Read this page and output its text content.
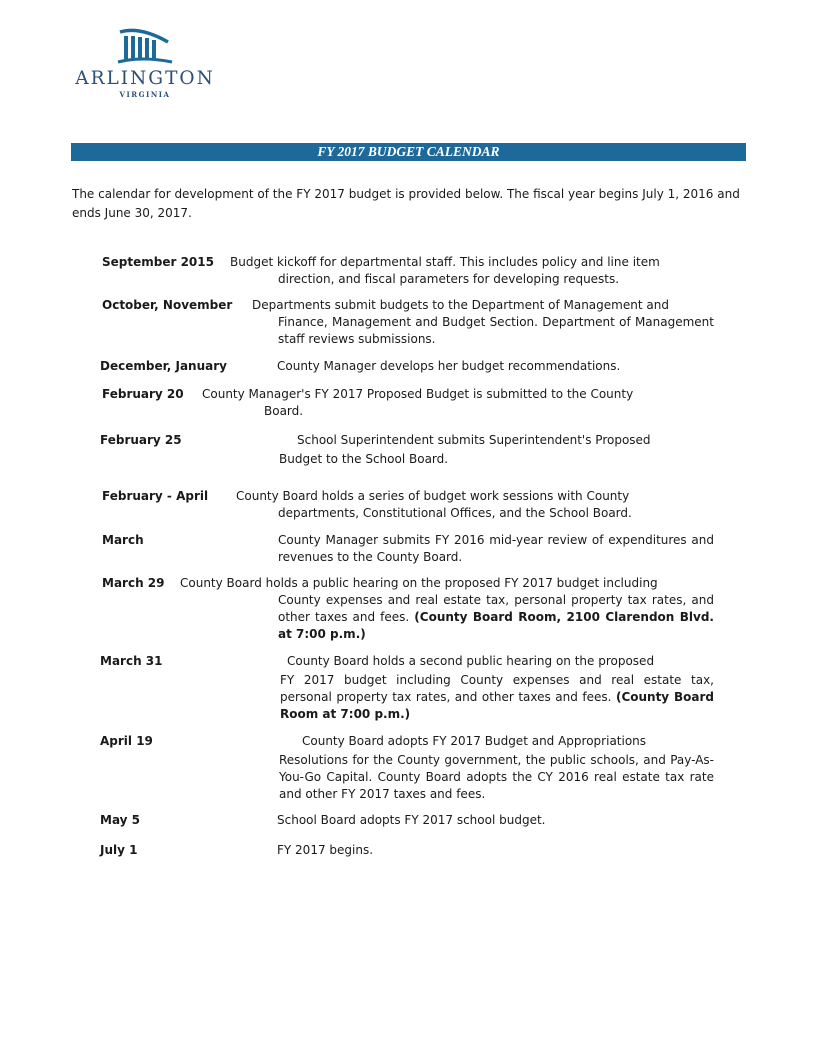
ARLINGTON
VIRGINIA
FY 2017 BUDGET CALENDAR

The calendar for development of the FY 2017 budget is provided below. The fiscal year begins July 1, 2016 and ends June 30, 2017.

September 2015 Budget kickoff for departmental staff. This includes policy and line item
direction, and fiscal parameters for developing requests.
October, November Departments submit budgets to the Department of Management and
Finance, Management and Budget Section. Department of Management staff reviews submissions.
December, January	County Manager develops her budget recommendations.
February 20 County Manager's FY 2017 Proposed Budget is submitted to the County
Board.
February 25	School Superintendent submits Superintendent's Proposed
Budget to the School Board.
February - April County Board holds a series of budget work sessions with County
departments, Constitutional Offices, and the School Board.
March	County Manager submits FY 2016 mid-year review of expenditures and revenues to the County Board.
March 29 County Board holds a public hearing on the proposed FY 2017 budget including
County expenses and real estate tax, personal property tax rates, and other taxes and fees. (County Board Room, 2100 Clarendon Blvd. at 7:00 p.m.)
March 31	County Board holds a second public hearing on the proposed
FY 2017 budget including County expenses and real estate tax, personal property tax rates, and other taxes and fees. (County Board Room at 7:00 p.m.)
April 19	County Board adopts FY 2017 Budget and Appropriations
Resolutions for the County government, the public schools, and Pay-As-You-Go Capital. County Board adopts the CY 2016 real estate tax rate and other FY 2017 taxes and fees.
May 5	School Board adopts FY 2017 school budget.
July 1	FY 2017 begins.
